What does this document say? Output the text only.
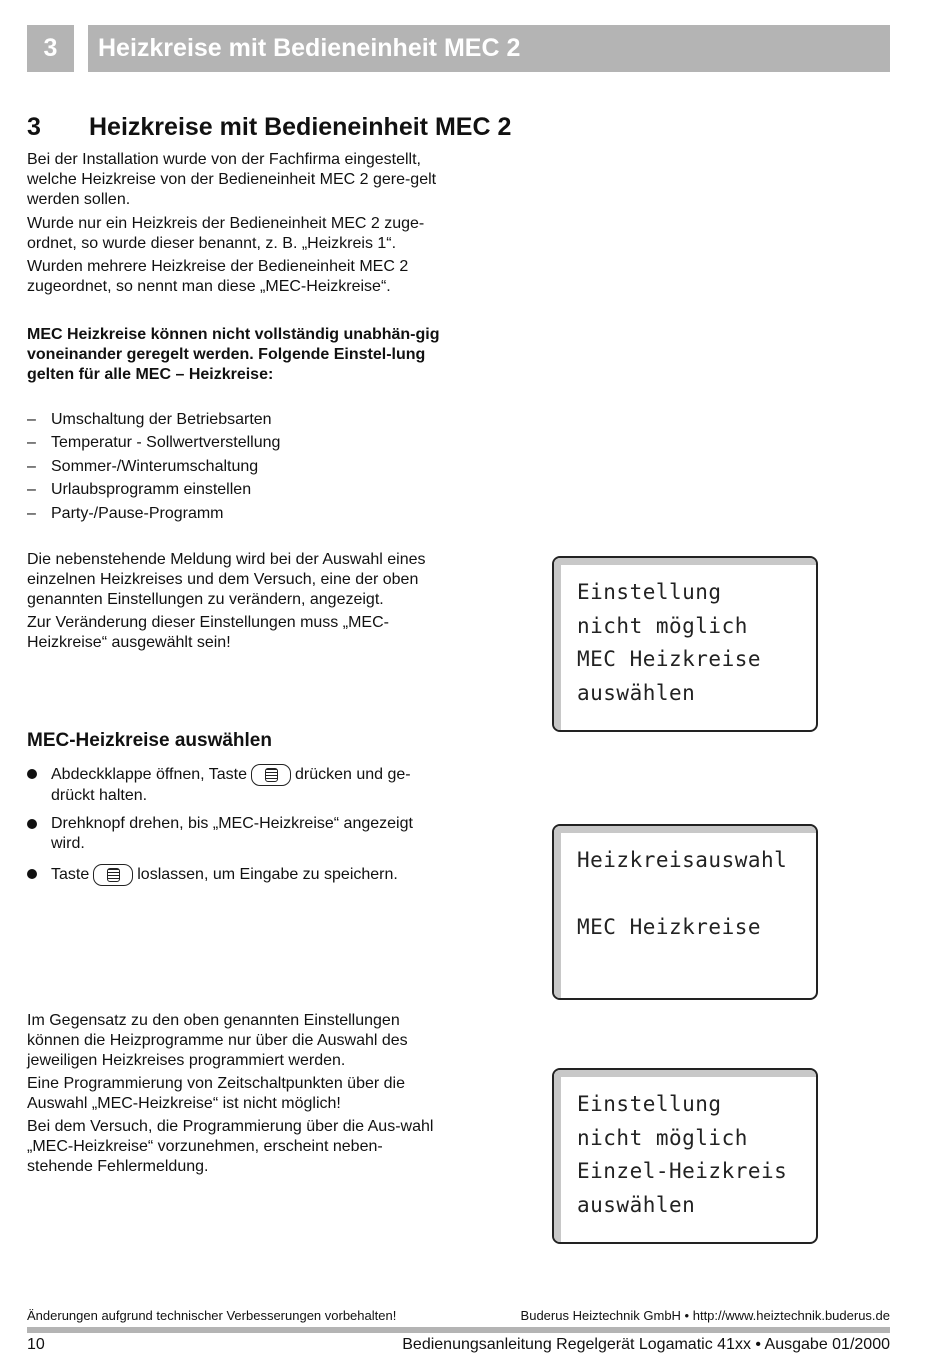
3	Heizkreise mit Bedieneinheit MEC 2
3 Heizkreise mit Bedieneinheit MEC 2

Bei der Installation wurde von der Fachfirma eingestellt, welche Heizkreise von der Bedieneinheit MEC 2 gere-gelt werden sollen.

Wurde nur ein Heizkreis der Bedieneinheit MEC 2 zuge-ordnet, so wurde dieser benannt, z. B. „Heizkreis 1“.

Wurden mehrere Heizkreise der Bedieneinheit MEC 2 zugeordnet, so nennt man diese „MEC-Heizkreise“.

MEC Heizkreise können nicht vollständig unabhän-gig voneinander geregelt werden. Folgende Einstel-lung gelten für alle MEC – Heizkreise:

– Umschaltung der Betriebsarten
– Temperatur - Sollwertverstellung
– Sommer-/Winterumschaltung
– Urlaubsprogramm einstellen
– Party-/Pause-Programm

Die nebenstehende Meldung wird bei der Auswahl eines einzelnen Heizkreises und dem Versuch, eine der oben genannten Einstellungen zu verändern, angezeigt.

Zur Veränderung dieser Einstellungen muss „MEC-Heizkreise“ ausgewählt sein!

Einstellung
nicht möglich
MEC Heizkreise
auswählen
MEC-Heizkreise auswählen
Abdeckklappe öffnen, Taste	drücken und ge-drückt halten.
Drehknopf drehen, bis „MEC-Heizkreise“ angezeigt wird.
Taste	loslassen, um Eingabe zu speichern.
Heizkreisauswahl
MEC Heizkreise

Im Gegensatz zu den oben genannten Einstellungen können die Heizprogramme nur über die Auswahl des jeweiligen Heizkreises programmiert werden.

Eine Programmierung von Zeitschaltpunkten über die Auswahl „MEC-Heizkreise“ ist nicht möglich!

Bei dem Versuch, die Programmierung über die Aus-wahl „MEC-Heizkreise“ vorzunehmen, erscheint neben-stehende Fehlermeldung.

Einstellung
nicht möglich
Einzel-Heizkreis
auswählen
Änderungen aufgrund technischer Verbesserungen vorbehalten!	Buderus Heiztechnik GmbH • http://www.heiztechnik.buderus.de
10	Bedienungsanleitung Regelgerät Logamatic 41xx • Ausgabe 01/2000
